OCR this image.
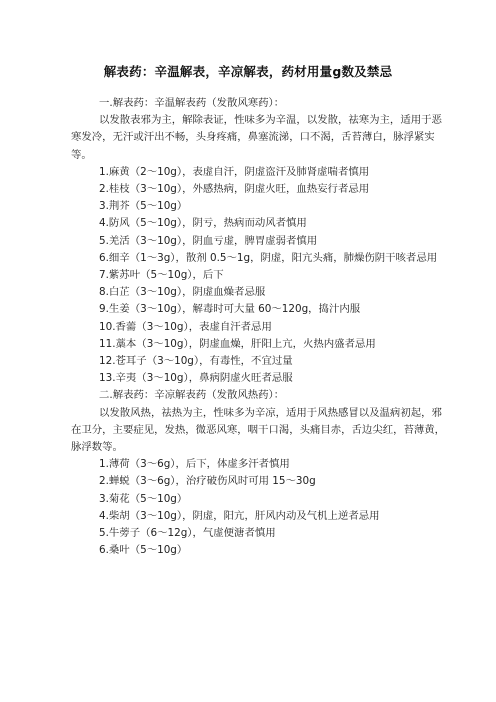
解表药：辛温解表，辛凉解表，药材用量g数及禁忌
一.解表药：辛温解表药（发散风寒药）：
以发散表邪为主，解除表证，性味多为辛温，以发散，祛寒为主，适用于恶寒发冷，无汗或汗出不畅，头身疼痛，鼻塞流涕，口不渴，舌苔薄白，脉浮紧实等。
1.麻黄（2～10g），表虚自汗，阴虚盗汗及肺肾虚喘者慎用
2.桂枝（3～10g），外感热病，阴虚火旺，血热妄行者忌用
3.荆芥（5～10g）
4.防风（5～10g），阴亏，热病而动风者慎用
5.羌活（3～10g），阴血亏虚，脾胃虚弱者慎用
6.细辛（1～3g），散剂 0.5～1g，阴虚，阳亢头痛，肺燥伤阴干咳者忌用
7.紫苏叶（5～10g），后下
8.白芷（3～10g），阴虚血燥者忌服
9.生姜（3～10g），解毒时可大量 60～120g，捣汁内服
10.香薷（3～10g），表虚自汗者忌用
11.藁本（3～10g），阴虚血燥，肝阳上亢，火热内盛者忌用
12.苍耳子（3～10g），有毒性，不宜过量
13.辛夷（3～10g），鼻病阴虚火旺者忌服
二.解表药：辛凉解表药（发散风热药）：
以发散风热，祛热为主，性味多为辛凉，适用于风热感冒以及温病初起，邪在卫分，主要症见，发热，微恶风寒，咽干口渴，头痛目赤，舌边尖红，苔薄黄，脉浮数等。
1.薄荷（3～6g），后下，体虚多汗者慎用
2.蝉蜕（3～6g），治疗破伤风时可用 15～30g
3.菊花（5～10g）
4.柴胡（3～10g），阴虚，阳亢，肝风内动及气机上逆者忌用
5.牛蒡子（6～12g），气虚便溏者慎用
6.桑叶（5～10g）
